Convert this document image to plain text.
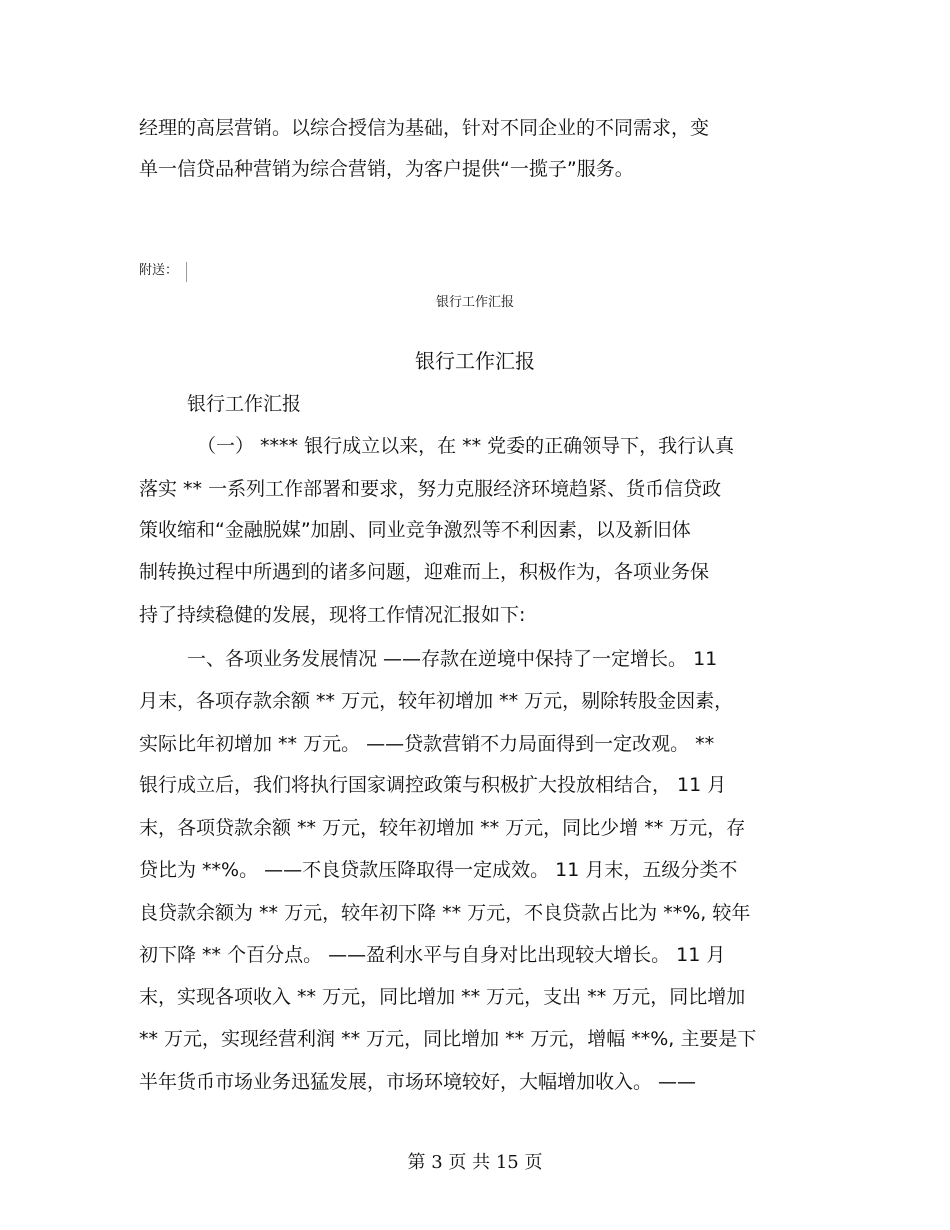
经理的高层营销。以综合授信为基础，针对不同企业的不同需求，变
单一信贷品种营销为综合营销，为客户提供“一揽子”服务。
附送：
银行工作汇报
银行工作汇报
银行工作汇报
（一） **** 银行成立以来，在 ** 党委的正确领导下，我行认真
落实 ** 一系列工作部署和要求，努力克服经济环境趋紧、货币信贷政
策收缩和“金融脱媒”加剧、同业竞争激烈等不利因素，以及新旧体
制转换过程中所遇到的诸多问题，迎难而上，积极作为，各项业务保
持了持续稳健的发展，现将工作情况汇报如下:
一、各项业务发展情况 ——存款在逆境中保持了一定增长。 11
月末，各项存款余额 ** 万元，较年初增加 ** 万元，剔除转股金因素，
实际比年初增加 ** 万元。 ——贷款营销不力局面得到一定改观。 **
银行成立后，我们将执行国家调控政策与积极扩大投放相结合， 11 月
末，各项贷款余额 ** 万元，较年初增加 ** 万元，同比少增 ** 万元，存
贷比为 **%。 ——不良贷款压降取得一定成效。 11 月末，五级分类不
良贷款余额为 ** 万元，较年初下降 ** 万元，不良贷款占比为 **%, 较年
初下降 ** 个百分点。 ——盈利水平与自身对比出现较大增长。 11 月
末，实现各项收入 ** 万元，同比增加 ** 万元，支出 ** 万元，同比增加
** 万元，实现经营利润 ** 万元，同比增加 ** 万元，增幅 **%, 主要是下
半年货币市场业务迅猛发展，市场环境较好，大幅增加收入。 ——
第 3 页 共 15 页
